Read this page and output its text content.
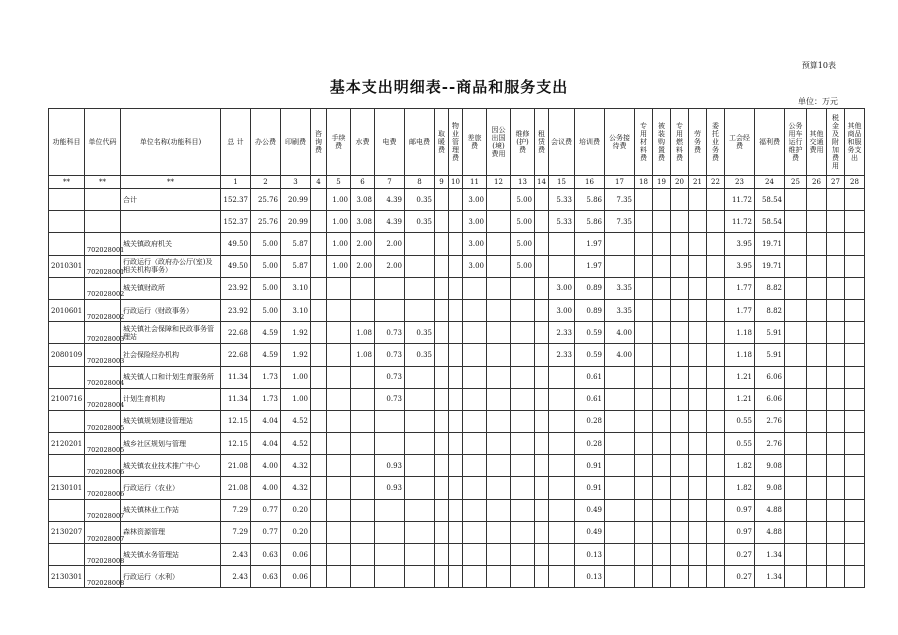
预算10表
基本支出明细表--商品和服务支出
单位：万元
功能科目	单位代码	单位名称(功能科目)	总 计	办公费	印刷费	咨询费	手续费	水费	电费	邮电费	取暖费	物业管理费	差旅费	因公出国(境)费用	维修(护)费	租赁费	会议费	培训费	公务接待费	专用材料费	被装购置费	专用燃料费	劳务费	委托业务费	工会经费	福利费	公务用车运行维护费	其他交通费用	税金及附加费用	其他商品和服务支出
**	**	**	1	2	3	4	5	6	7	8	9	10	11	12	13	14	15	16	17	18	19	20	21	22	23	24	25	26	27	28
		合计	152.37	25.76	20.99		1.00	3.08	4.39	0.35			3.00		5.00		5.33	5.86	7.35						11.72	58.54				
			152.37	25.76	20.99		1.00	3.08	4.39	0.35			3.00		5.00		5.33	5.86	7.35						11.72	58.54				
	702028001	城关镇政府机关	49.50	5.00	5.87		1.00	2.00	2.00				3.00		5.00			1.97							3.95	19.71				
2010301	702028001	行政运行（政府办公厅(室)及相关机构事务）	49.50	5.00	5.87		1.00	2.00	2.00				3.00		5.00			1.97							3.95	19.71				
	702028002	城关镇财政所	23.92	5.00	3.10												3.00	0.89	3.35						1.77	8.82				
2010601	702028002	行政运行（财政事务）	23.92	5.00	3.10												3.00	0.89	3.35						1.77	8.82				
	702028003	城关镇社会保障和民政事务管理站	22.68	4.59	1.92			1.08	0.73	0.35							2.33	0.59	4.00						1.18	5.91				
2080109	702028003	社会保险经办机构	22.68	4.59	1.92			1.08	0.73	0.35							2.33	0.59	4.00						1.18	5.91				
	702028004	城关镇人口和计划生育服务所	11.34	1.73	1.00				0.73									0.61							1.21	6.06				
2100716	702028004	计划生育机构	11.34	1.73	1.00				0.73									0.61							1.21	6.06				
	702028005	城关镇规划建设管理站	12.15	4.04	4.52													0.28							0.55	2.76				
2120201	702028005	城乡社区规划与管理	12.15	4.04	4.52													0.28							0.55	2.76				
	702028006	城关镇农业技术推广中心	21.08	4.00	4.32				0.93									0.91							1.82	9.08				
2130101	702028006	行政运行（农业）	21.08	4.00	4.32				0.93									0.91							1.82	9.08				
	702028007	城关镇林业工作站	7.29	0.77	0.20													0.49							0.97	4.88				
2130207	702028007	森林资源管理	7.29	0.77	0.20													0.49							0.97	4.88				
	702028008	城关镇水务管理站	2.43	0.63	0.06													0.13							0.27	1.34				
2130301	702028008	行政运行（水利）	2.43	0.63	0.06													0.13							0.27	1.34				
